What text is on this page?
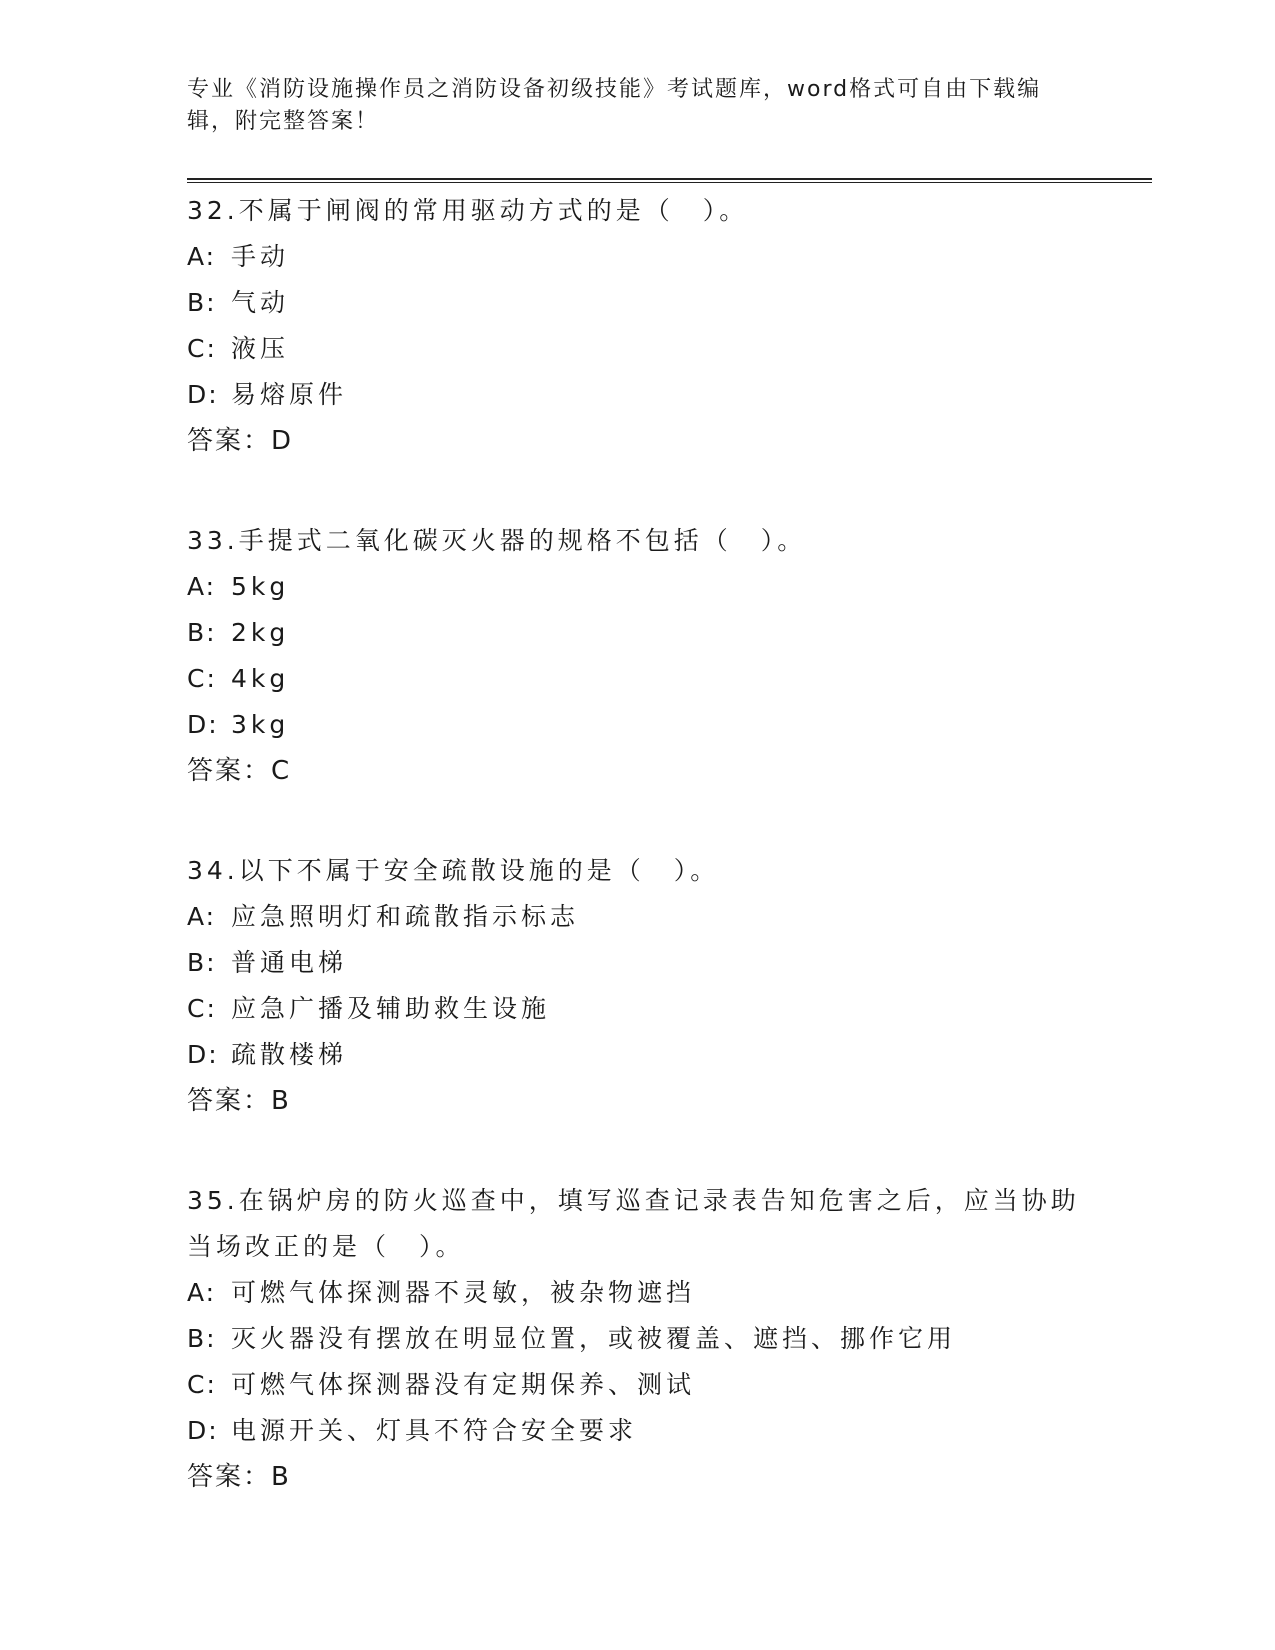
专业《消防设施操作员之消防设备初级技能》考试题库，word格式可自由下载编辑，附完整答案！
32.不属于闸阀的常用驱动方式的是（　）。
A: 手动
B: 气动
C: 液压
D: 易熔原件
答案：D
33.手提式二氧化碳灭火器的规格不包括（　）。
A: 5kg
B: 2kg
C: 4kg
D: 3kg
答案：C
34.以下不属于安全疏散设施的是（　）。
A: 应急照明灯和疏散指示标志
B: 普通电梯
C: 应急广播及辅助救生设施
D: 疏散楼梯
答案：B
35.在锅炉房的防火巡查中，填写巡查记录表告知危害之后，应当协助当场改正的是（　）。
A: 可燃气体探测器不灵敏，被杂物遮挡
B: 灭火器没有摆放在明显位置，或被覆盖、遮挡、挪作它用
C: 可燃气体探测器没有定期保养、测试
D: 电源开关、灯具不符合安全要求
答案：B
